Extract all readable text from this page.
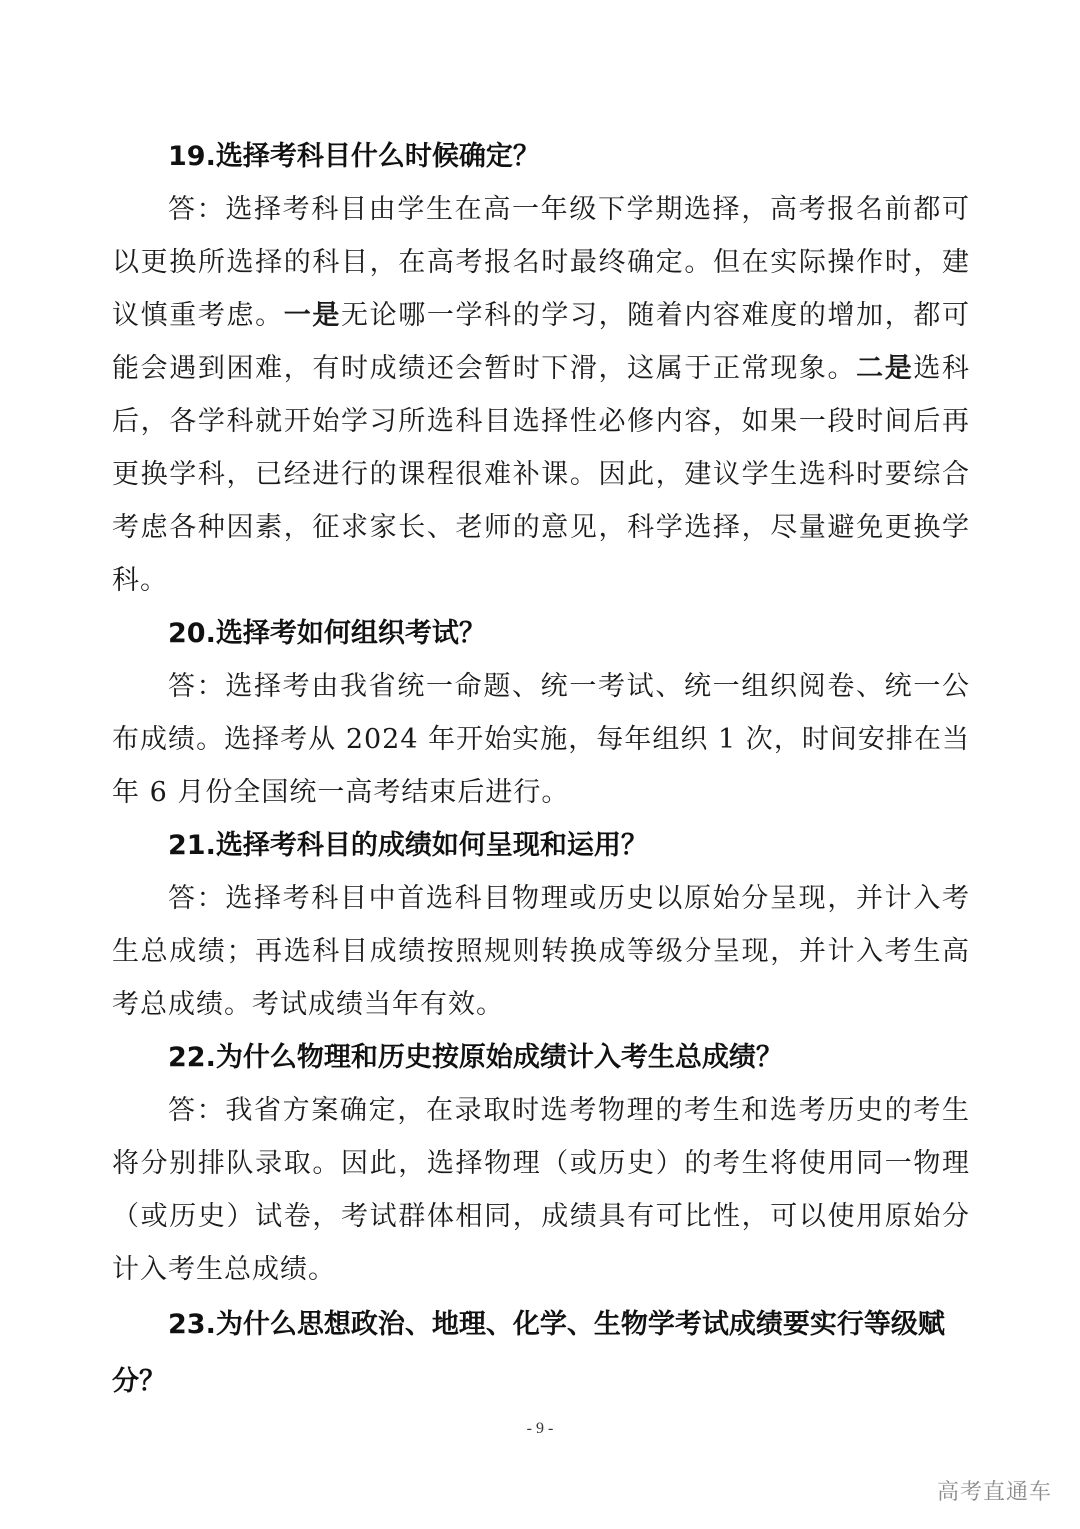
19.选择考科目什么时候确定？

答：选择考科目由学生在高一年级下学期选择，高考报名前都可以更换所选择的科目，在高考报名时最终确定。但在实际操作时，建议慎重考虑。一是无论哪一学科的学习，随着内容难度的增加，都可能会遇到困难，有时成绩还会暂时下滑，这属于正常现象。二是选科后，各学科就开始学习所选科目选择性必修内容，如果一段时间后再更换学科，已经进行的课程很难补课。因此，建议学生选科时要综合考虑各种因素，征求家长、老师的意见，科学选择，尽量避免更换学科。

20.选择考如何组织考试？

答：选择考由我省统一命题、统一考试、统一组织阅卷、统一公布成绩。选择考从 2024 年开始实施，每年组织 1 次，时间安排在当年 6 月份全国统一高考结束后进行。

21.选择考科目的成绩如何呈现和运用？

答：选择考科目中首选科目物理或历史以原始分呈现，并计入考生总成绩；再选科目成绩按照规则转换成等级分呈现，并计入考生高考总成绩。考试成绩当年有效。

22.为什么物理和历史按原始成绩计入考生总成绩？

答：我省方案确定，在录取时选考物理的考生和选考历史的考生将分别排队录取。因此，选择物理（或历史）的考生将使用同一物理（或历史）试卷，考试群体相同，成绩具有可比性，可以使用原始分计入考生总成绩。

23.为什么思想政治、地理、化学、生物学考试成绩要实行等级赋分？

- 9 -
高考直通车
